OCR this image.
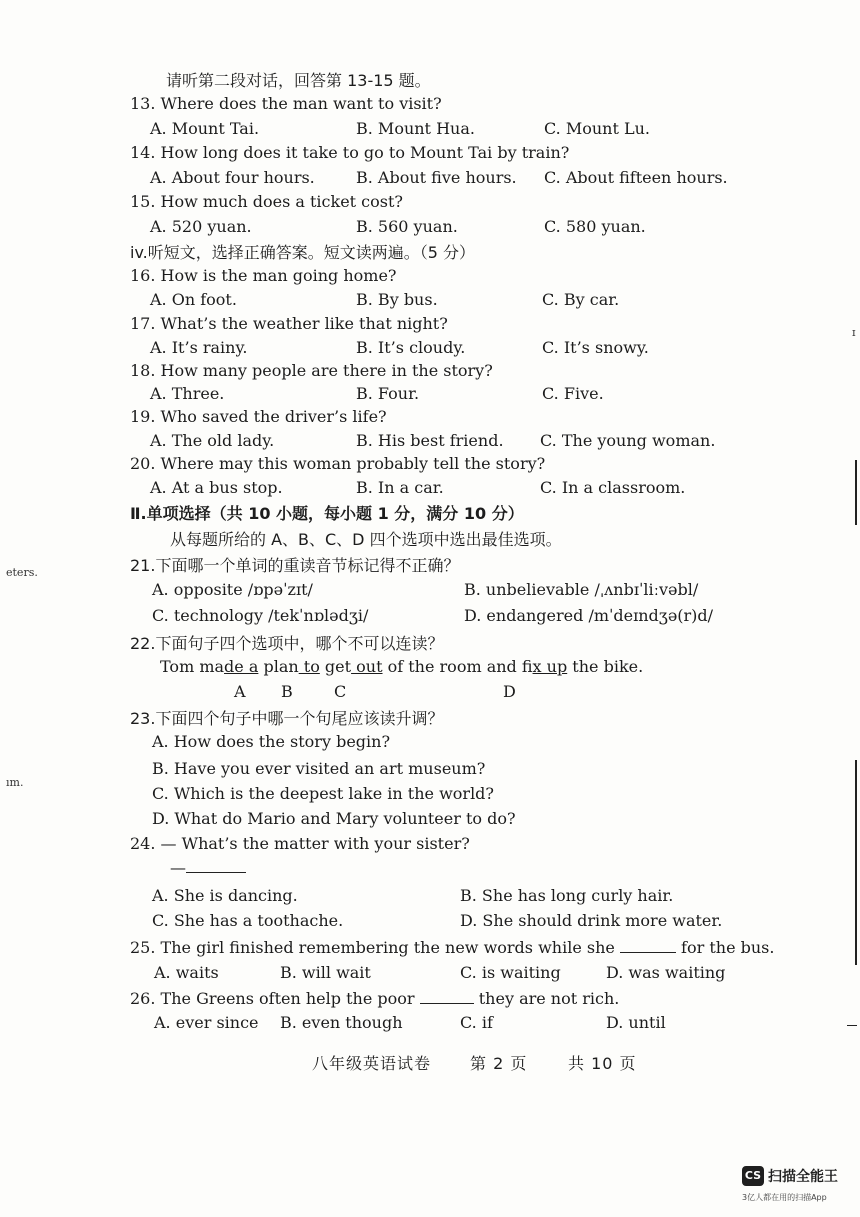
eters.
ım.
ɪ
请听第二段对话，回答第 13-15 题。
13. Where does the man want to visit?
A. Mount Tai.	B. Mount Hua.	C. Mount Lu.
14. How long does it take to go to Mount Tai by train?
A. About four hours.	B. About five hours. C. About fifteen hours.
15. How much does a ticket cost?
A. 520 yuan.	B. 560 yuan.	C. 580 yuan.
iv.听短文，选择正确答案。短文读两遍。（5 分）
16. How is the man going home?
A. On foot.	B. By bus.	C. By car.
17. What’s the weather like that night?
A. It’s rainy.	B. It’s cloudy.	C. It’s snowy.
18. How many people are there in the story?
A. Three.	B. Four.	C. Five.
19. Who saved the driver’s life?
A. The old lady.	B. His best friend. C. The young woman.
20. Where may this woman probably tell the story?
A. At a bus stop.	B. In a car.	C. In a classroom.
Ⅱ.单项选择（共 10 小题，每小题 1 分，满分 10 分）
从每题所给的 A、B、C、D 四个选项中选出最佳选项。
21.下面哪一个单词的重读音节标记得不正确？
A. opposite /ɒpəˈzɪt/	B. unbelievable /ˌʌnbɪˈliːvəbl/
C. technology /tekˈnɒlədʒi/	D. endangered /mˈdeɪndʒə(r)d/
22.下面句子四个选项中，哪个不可以连读？
Tom made a plan to get out of the room and fix up the bike.
A B	C	D
23.下面四个句子中哪一个句尾应该读升调？
A. How does the story begin?
B. Have you ever visited an art museum?
C. Which is the deepest lake in the world?
D. What do Mario and Mary volunteer to do?
24. — What’s the matter with your sister?
—
A. She is dancing.	B. She has long curly hair.
C. She has a toothache.	D. She should drink more water.
25. The girl finished remembering the new words while she	for the bus.
A. waits	B. will wait	C. is waiting	D. was waiting
26. The Greens often help the poor	they are not rich.
A. ever since B. even though	C. if	D. until
八年级英语试卷 第 2 页	共 10 页
CS 扫描全能王
3亿人都在用的扫描App
